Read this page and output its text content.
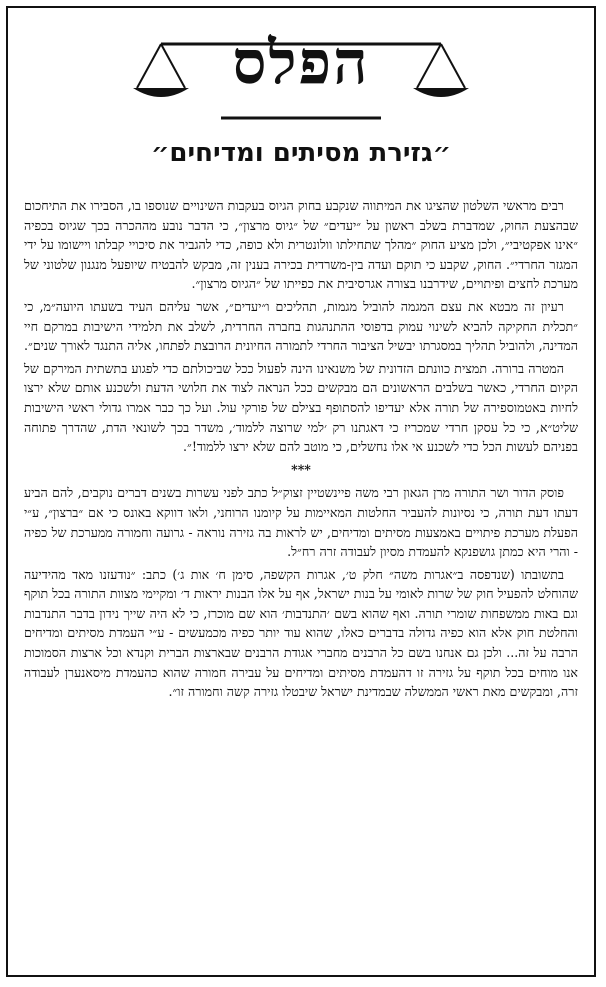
הפלס
״גזירת מסיתים ומדיחים״

רבים מראשי השלטון שהציגו את המיתווה שנקבע בחוק הגיוס בעקבות השינויים שנוספו בו, הסבירו את התיחכום שבהצעת החוק, שמדברת בשלב ראשון על ״יעדים״ של ״גיוס מרצון״, כי הדבר נובע מההכרה בכך שגיוס בכפיה ״אינו אפקטיבי״, ולכן מציע החוק ״מהלך שתחילתו וולונטרית ולא כופה, כדי להגביר את סיכויי קבלתו ויישומו על ידי המגזר החרדי״. החוק, שקבע כי תוקם ועדה בין-משרדית בכירה בענין זה, מבקש להבטיח שיופעל מנגנון שלטוני של מערכת לחצים ופיתויים, שידרבנו בצורה אגרסיבית את כפייתו של ״הגיוס מרצון״.

רעיון זה מבטא את עצם המגמה להוביל מגמות, תהליכים ו״יעדים״, אשר עליהם העיד בשעתו היועה״מ, כי ״תכלית החקיקה להביא לשינוי עמוק בדפוסי ההתנהגות בחברה החרדית, לשלב את תלמידי הישיבות במרקם חיי המדינה, ולהוביל תהליך במסגרתו יבשיל הציבור החרדי לתמורה החיונית הרובצת לפתחו, אליה התנגד לאורך שנים״.

המטרה ברורה. תמצית כוונתם הזדונית של משנאינו הינה לפעול ככל שביכולתם כדי לפגוע בתשתית המירקם של הקיום החרדי, כאשר בשלבים הראשונים הם מבקשים ככל הנראה לצוד את חלושי הדעת ולשכנע אותם שלא ירצו לחיות באטמוספירה של תורה אלא יעדיפו להסתופף בצילם של פורקי עול. ועל כך כבר אמרו גדולי ראשי הישיבות שליט״א, כי כל עסקן חרדי שמכריז כי דאגתנו רק ׳למי שרוצה ללמוד׳, משדר בכך לשונאי הדת, שהדרך פתוחה בפניהם לעשות הכל כדי לשכנע אי אלו נחשלים, כי מוטב להם שלא ירצו ללמוד!״.

***

פוסק הדור ושר התורה מרן הגאון רבי משה פיינשטיין זצוק״ל כתב לפני עשרות בשנים דברים נוקבים, להם הביע דעתו דעת תורה, כי נסיונות להעביר החלטות המאיימות על קיומנו הרוחני, ולאו דווקא באונס כי אם ״ברצון״, ע״י הפעלת מערכת פיתויים באמצעות מסיתים ומדיחים, יש לראות בה גזירה נוראה - גרועה וחמורה ממערכת של כפיה - והרי היא כמתן גושפנקא להעמדת מסיון לעבודה זרה רח״ל.

בתשובתו (שנדפסה ב״אגרות משה״ חלק ט׳, אגרות הקשפה, סימן ח׳ אות ג׳) כתב: ״נודעזנו מאד מהידיעה שהוחלט להפעיל חוק של שרות לאומי על בנות ישראל, אף על אלו הבנות יראות ד׳ ומקיימי מצוות התורה בכל תוקף וגם באות ממשפחות שומרי תורה. ואף שהוא בשם ׳התנדבות׳ הוא שם מוכרז, כי לא היה שייך נידון בדבר התנדבות והחלטת חוק אלא הוא כפיה גדולה בדברים כאלו, שהוא עוד יותר כפיה מכמעשים - ע״י העמדת מסיתים ומדיחים הרבה על זה... ולכן גם אנחנו בשם כל הרבנים מחברי אגודת הרבנים שבארצות הברית וקנדא וכל ארצות הסמוכות אנו מוחים בכל תוקף על גזירה זו דהעמדת מסיתים ומדיחים על עבירה חמורה שהוא כהעמדת מיסאנערן לעבודה זרה, ומבקשים מאת ראשי הממשלה שבמדינת ישראל שיבטלו גזירה קשה וחמורה זו״.
